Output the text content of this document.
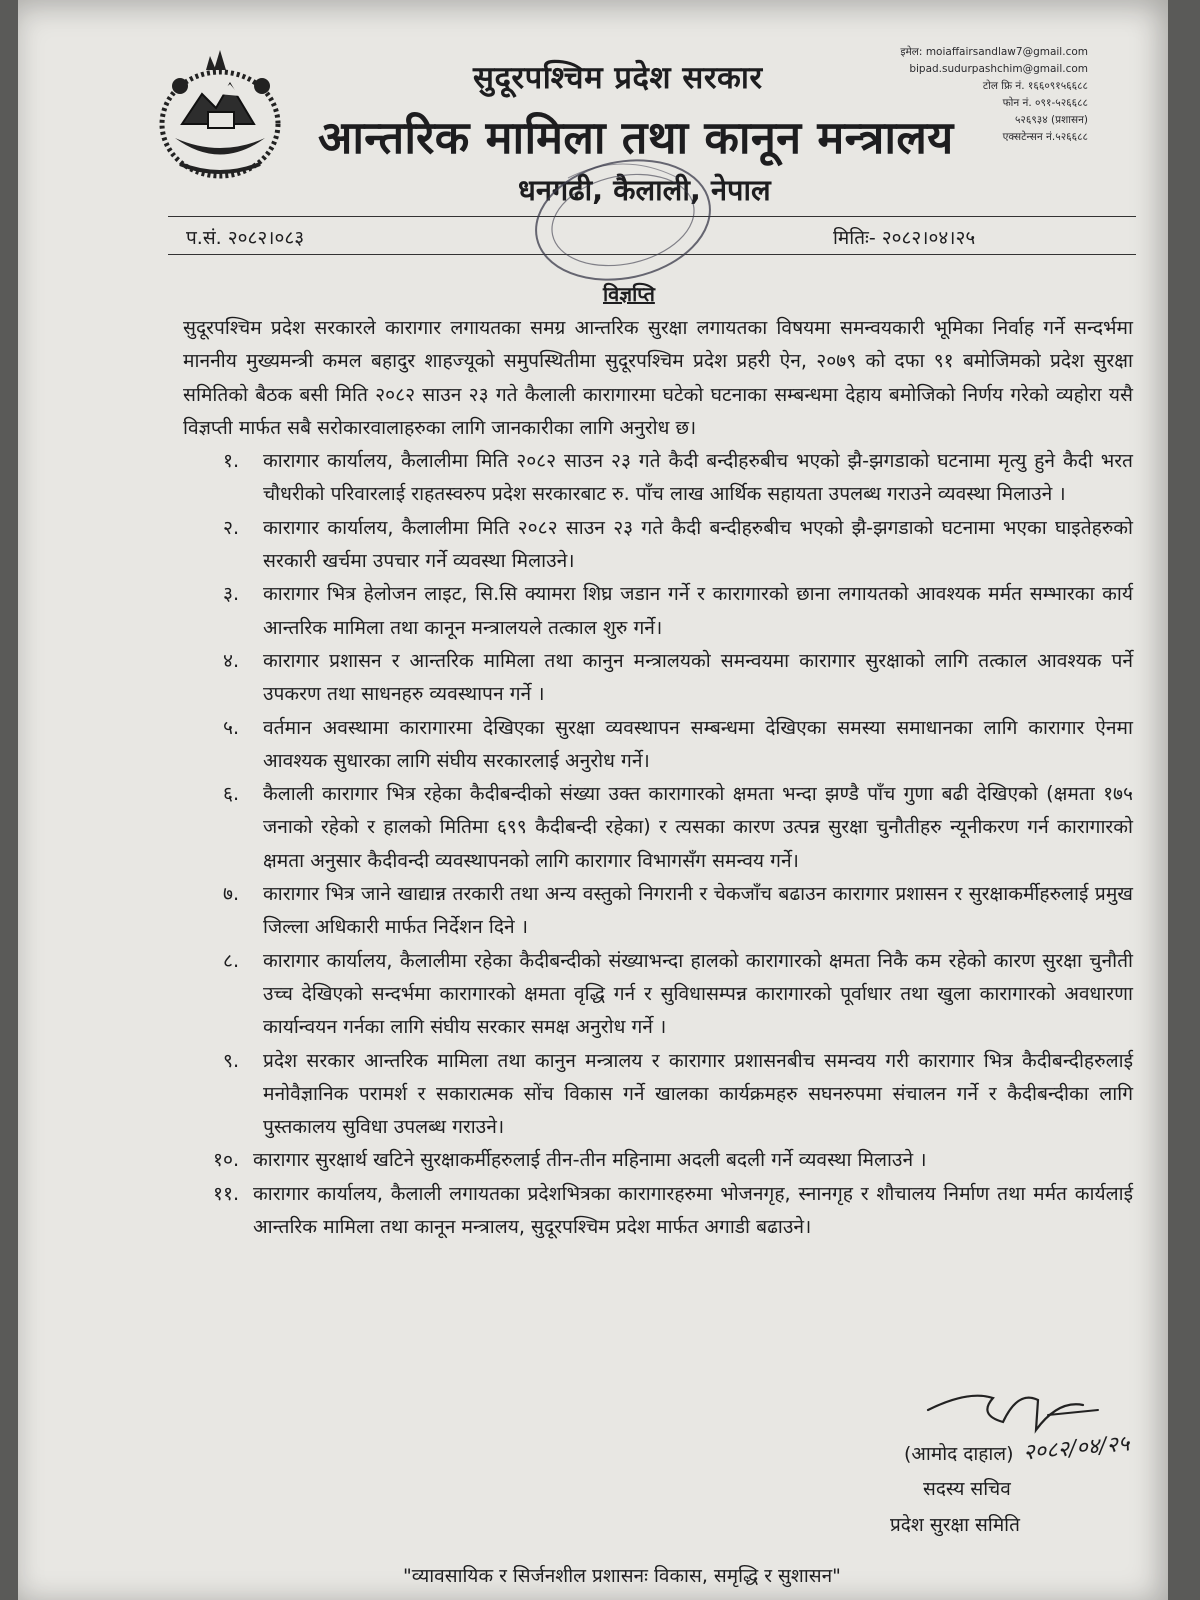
सुदूरपश्चिम प्रदेश सरकार
आन्तरिक मामिला तथा कानून मन्त्रालय
धनगढी, कैलाली, नेपाल
इमेल: moiaffairsandlaw7@gmail.com
bipad.sudurpashchim@gmail.com
टोल फ्रि नं. १६६०९१५६६८८
फोन नं. ०९१-५२६६८८
५२६९३४ (प्रशासन)
एक्सटेन्सन नं.५२६६८८
प.सं. २०८२।०८३	मितिः- २०८२।०४।२५
विज्ञप्ति

सुदूरपश्चिम प्रदेश सरकारले कारागार लगायतका समग्र आन्तरिक सुरक्षा लगायतका विषयमा समन्वयकारी भूमिका निर्वाह गर्ने सन्दर्भमा माननीय मुख्यमन्त्री कमल बहादुर शाहज्यूको समुपस्थितीमा सुदूरपश्चिम प्रदेश प्रहरी ऐन, २०७९ को दफा ९१ बमोजिमको प्रदेश सुरक्षा समितिको बैठक बसी मिति २०८२ साउन २३ गते कैलाली कारागारमा घटेको घटनाका सम्बन्धमा देहाय बमोजिको निर्णय गरेको व्यहोरा यसै विज्ञप्ती मार्फत सबै सरोकारवालाहरुका लागि जानकारीका लागि अनुरोध छ।

१. कारागार कार्यालय, कैलालीमा मिति २०८२ साउन २३ गते कैदी बन्दीहरुबीच भएको झै-झगडाको घटनामा मृत्यु हुने कैदी भरत चौधरीको परिवारलाई राहतस्वरुप प्रदेश सरकारबाट रु. पाँच लाख आर्थिक सहायता उपलब्ध गराउने व्यवस्था मिलाउने ।
२. कारागार कार्यालय, कैलालीमा मिति २०८२ साउन २३ गते कैदी बन्दीहरुबीच भएको झै-झगडाको घटनामा भएका घाइतेहरुको सरकारी खर्चमा उपचार गर्ने व्यवस्था मिलाउने।
३. कारागार भित्र हेलोजन लाइट, सि.सि क्यामरा शिघ्र जडान गर्ने र कारागारको छाना लगायतको आवश्यक मर्मत सम्भारका कार्य आन्तरिक मामिला तथा कानून मन्त्रालयले तत्काल शुरु गर्ने।
४. कारागार प्रशासन र आन्तरिक मामिला तथा कानुन मन्त्रालयको समन्वयमा कारागार सुरक्षाको लागि तत्काल आवश्यक पर्ने उपकरण तथा साधनहरु व्यवस्थापन गर्ने ।
५. वर्तमान अवस्थामा कारागारमा देखिएका सुरक्षा व्यवस्थापन सम्बन्धमा देखिएका समस्या समाधानका लागि कारागार ऐनमा आवश्यक सुधारका लागि संघीय सरकारलाई अनुरोध गर्ने।
६. कैलाली कारागार भित्र रहेका कैदीबन्दीको संख्या उक्त कारागारको क्षमता भन्दा झण्डै पाँच गुणा बढी देखिएको (क्षमता १७५ जनाको रहेको र हालको मितिमा ६९९ कैदीबन्दी रहेका) र त्यसका कारण उत्पन्न सुरक्षा चुनौतीहरु न्यूनीकरण गर्न कारागारको क्षमता अनुसार कैदीवन्दी व्यवस्थापनको लागि कारागार विभागसँग समन्वय गर्ने।
७. कारागार भित्र जाने खाद्यान्न तरकारी तथा अन्य वस्तुको निगरानी र चेकजाँच बढाउन कारागार प्रशासन र सुरक्षाकर्मीहरुलाई प्रमुख जिल्ला अधिकारी मार्फत निर्देशन दिने ।
८. कारागार कार्यालय, कैलालीमा रहेका कैदीबन्दीको संख्याभन्दा हालको कारागारको क्षमता निकै कम रहेको कारण सुरक्षा चुनौती उच्च देखिएको सन्दर्भमा कारागारको क्षमता वृद्धि गर्न र सुविधासम्पन्न कारागारको पूर्वाधार तथा खुला कारागारको अवधारणा कार्यान्वयन गर्नका लागि संघीय सरकार समक्ष अनुरोध गर्ने ।
९. प्रदेश सरकार आन्तरिक मामिला तथा कानुन मन्त्रालय र कारागार प्रशासनबीच समन्वय गरी कारागार भित्र कैदीबन्दीहरुलाई मनोवैज्ञानिक परामर्श र सकारात्मक सोंच विकास गर्ने खालका कार्यक्रमहरु सघनरुपमा संचालन गर्ने र कैदीबन्दीका लागि पुस्तकालय सुविधा उपलब्ध गराउने।
१०. कारागार सुरक्षार्थ खटिने सुरक्षाकर्मीहरुलाई तीन-तीन महिनामा अदली बदली गर्ने व्यवस्था मिलाउने ।
११. कारागार कार्यालय, कैलाली लगायतका प्रदेशभित्रका कारागारहरुमा भोजनगृह, स्नानगृह र शौचालय निर्माण तथा मर्मत कार्यलाई आन्तरिक मामिला तथा कानून मन्त्रालय, सुदूरपश्चिम प्रदेश मार्फत अगाडी बढाउने।
(आमोद दाहाल) २०८२/०४/२५
सदस्य सचिव
प्रदेश सुरक्षा समिति
"व्यावसायिक र सिर्जनशील प्रशासनः विकास, समृद्धि र सुशासन"
